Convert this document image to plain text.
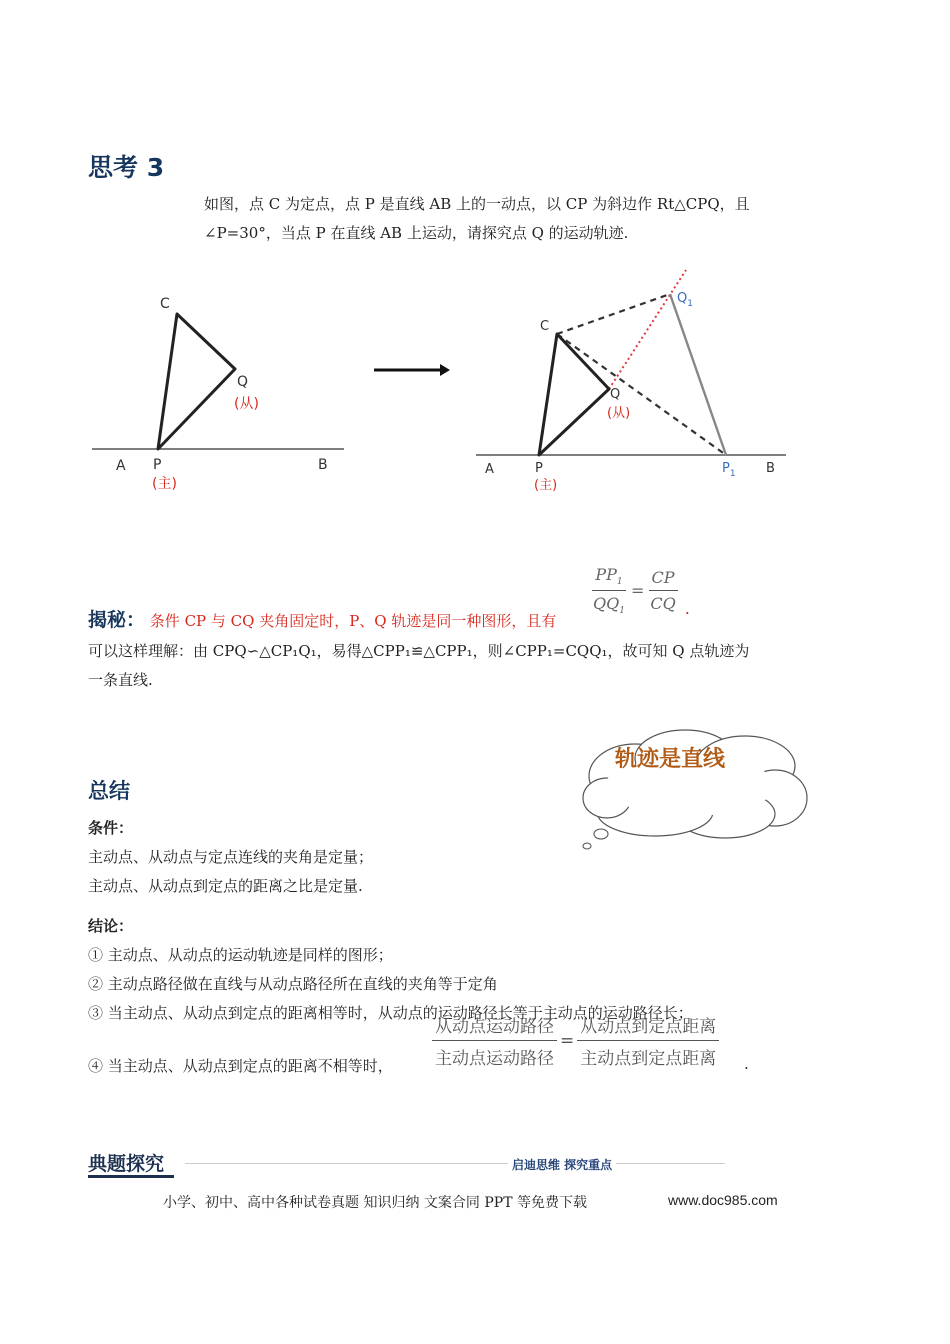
思考 3
如图，点 C 为定点，点 P 是直线 AB 上的一动点，以 CP 为斜边作 Rt△CPQ，且
∠P=30°，当点 P 在直线 AB 上运动，请探究点 Q 的运动轨迹.
C
Q
(从)
A P
(主)
B
C
$Q_1$
Q
(从)
A	P
(主)
$P_1$ B
揭秘： 条件 CP 与 CQ 夹角固定时，P、Q 轨迹是同一种图形，且有
$\frac{PP_1}{QQ_1} = \frac{CP}{CQ}$ .
可以这样理解：由 CPQ∽△CP₁Q₁，易得△CPP₁≌△CPP₁，则∠CPP₁=CQQ₁，故可知 Q 点轨迹为
一条直线.
轨迹是直线
总结
条件：
主动点、从动点与定点连线的夹角是定量；
主动点、从动点到定点的距离之比是定量.
结论：
① 主动点、从动点的运动轨迹是同样的图形；
② 主动点路径做在直线与从动点路径所在直线的夹角等于定角
③ 当主动点、从动点到定点的距离相等时，从动点的运动路径长等于主动点的运动路径长；
④ 当主动点、从动点到定点的距离不相等时， $\frac{\text{从动点运动路径}}{\text{主动点运动路径}} = \frac{\text{从动点到定点距离}}{\text{主动点到定点距离}}$ .
典题探究	启迪思维 探究重点
小学、初中、高中各种试卷真题 知识归纳 文案合同 PPT 等免费下载	www.doc985.com
